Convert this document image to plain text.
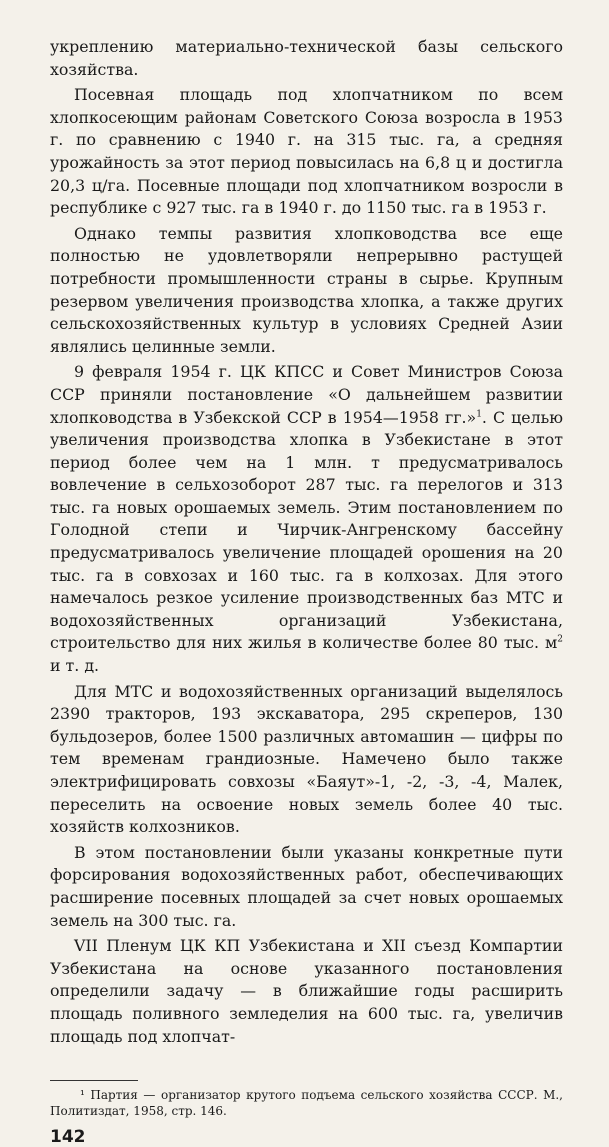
укреплению материально-технической базы сельского хозяйства.

Посевная площадь под хлопчатником по всем хлопкосеющим районам Советского Союза возросла в 1953 г. по сравнению с 1940 г. на 315 тыс. га, а средняя урожайность за этот период повысилась на 6,8 ц и достигла 20,3 ц/га. Посевные площади под хлопчатником возросли в республике с 927 тыс. га в 1940 г. до 1150 тыс. га в 1953 г.

Однако темпы развития хлопководства все еще полностью не удовлетворяли непрерывно растущей потребности промышленности страны в сырье. Крупным резервом увеличения производства хлопка, а также других сельскохозяйственных культур в условиях Средней Азии являлись целинные земли.

9 февраля 1954 г. ЦК КПСС и Совет Министров Союза ССР приняли постановление «О дальнейшем развитии хлопководства в Узбекской ССР в 1954—1958 гг.»$^1$. С целью увеличения производства хлопка в Узбекистане в этот период более чем на 1 млн. т предусматривалось вовлечение в сельхозоборот 287 тыс. га перелогов и 313 тыс. га новых орошаемых земель. Этим постановлением по Голодной степи и Чирчик-Ангренскому бассейну предусматривалось увеличение площадей орошения на 20 тыс. га в совхозах и 160 тыс. га в колхозах. Для этого намечалось резкое усиление производственных баз МТС и водохозяйственных организаций Узбекистана, строительство для них жилья в количестве более 80 тыс. $м^2$ и т. д.

Для МТС и водохозяйственных организаций выделялось 2390 тракторов, 193 экскаватора, 295 скреперов, 130 бульдозеров, более 1500 различных автомашин — цифры по тем временам грандиозные. Намечено было также электрифицировать совхозы «Баяут»-1, -2, -3, -4, Малек, переселить на освоение новых земель более 40 тыс. хозяйств колхозников.

В этом постановлении были указаны конкретные пути форсирования водохозяйственных работ, обеспечивающих расширение посевных площадей за счет новых орошаемых земель на 300 тыс. га.

VII Пленум ЦК КП Узбекистана и XII съезд Компартии Узбекистана на основе указанного постановления определили задачу — в ближайшие годы расширить площадь поливного земледелия на 600 тыс. га, увеличив площадь под хлопчат-

¹ Партия — организатор крутого подъема сельского хозяйства СССР. М., Политиздат, 1958, стр. 146.

142
